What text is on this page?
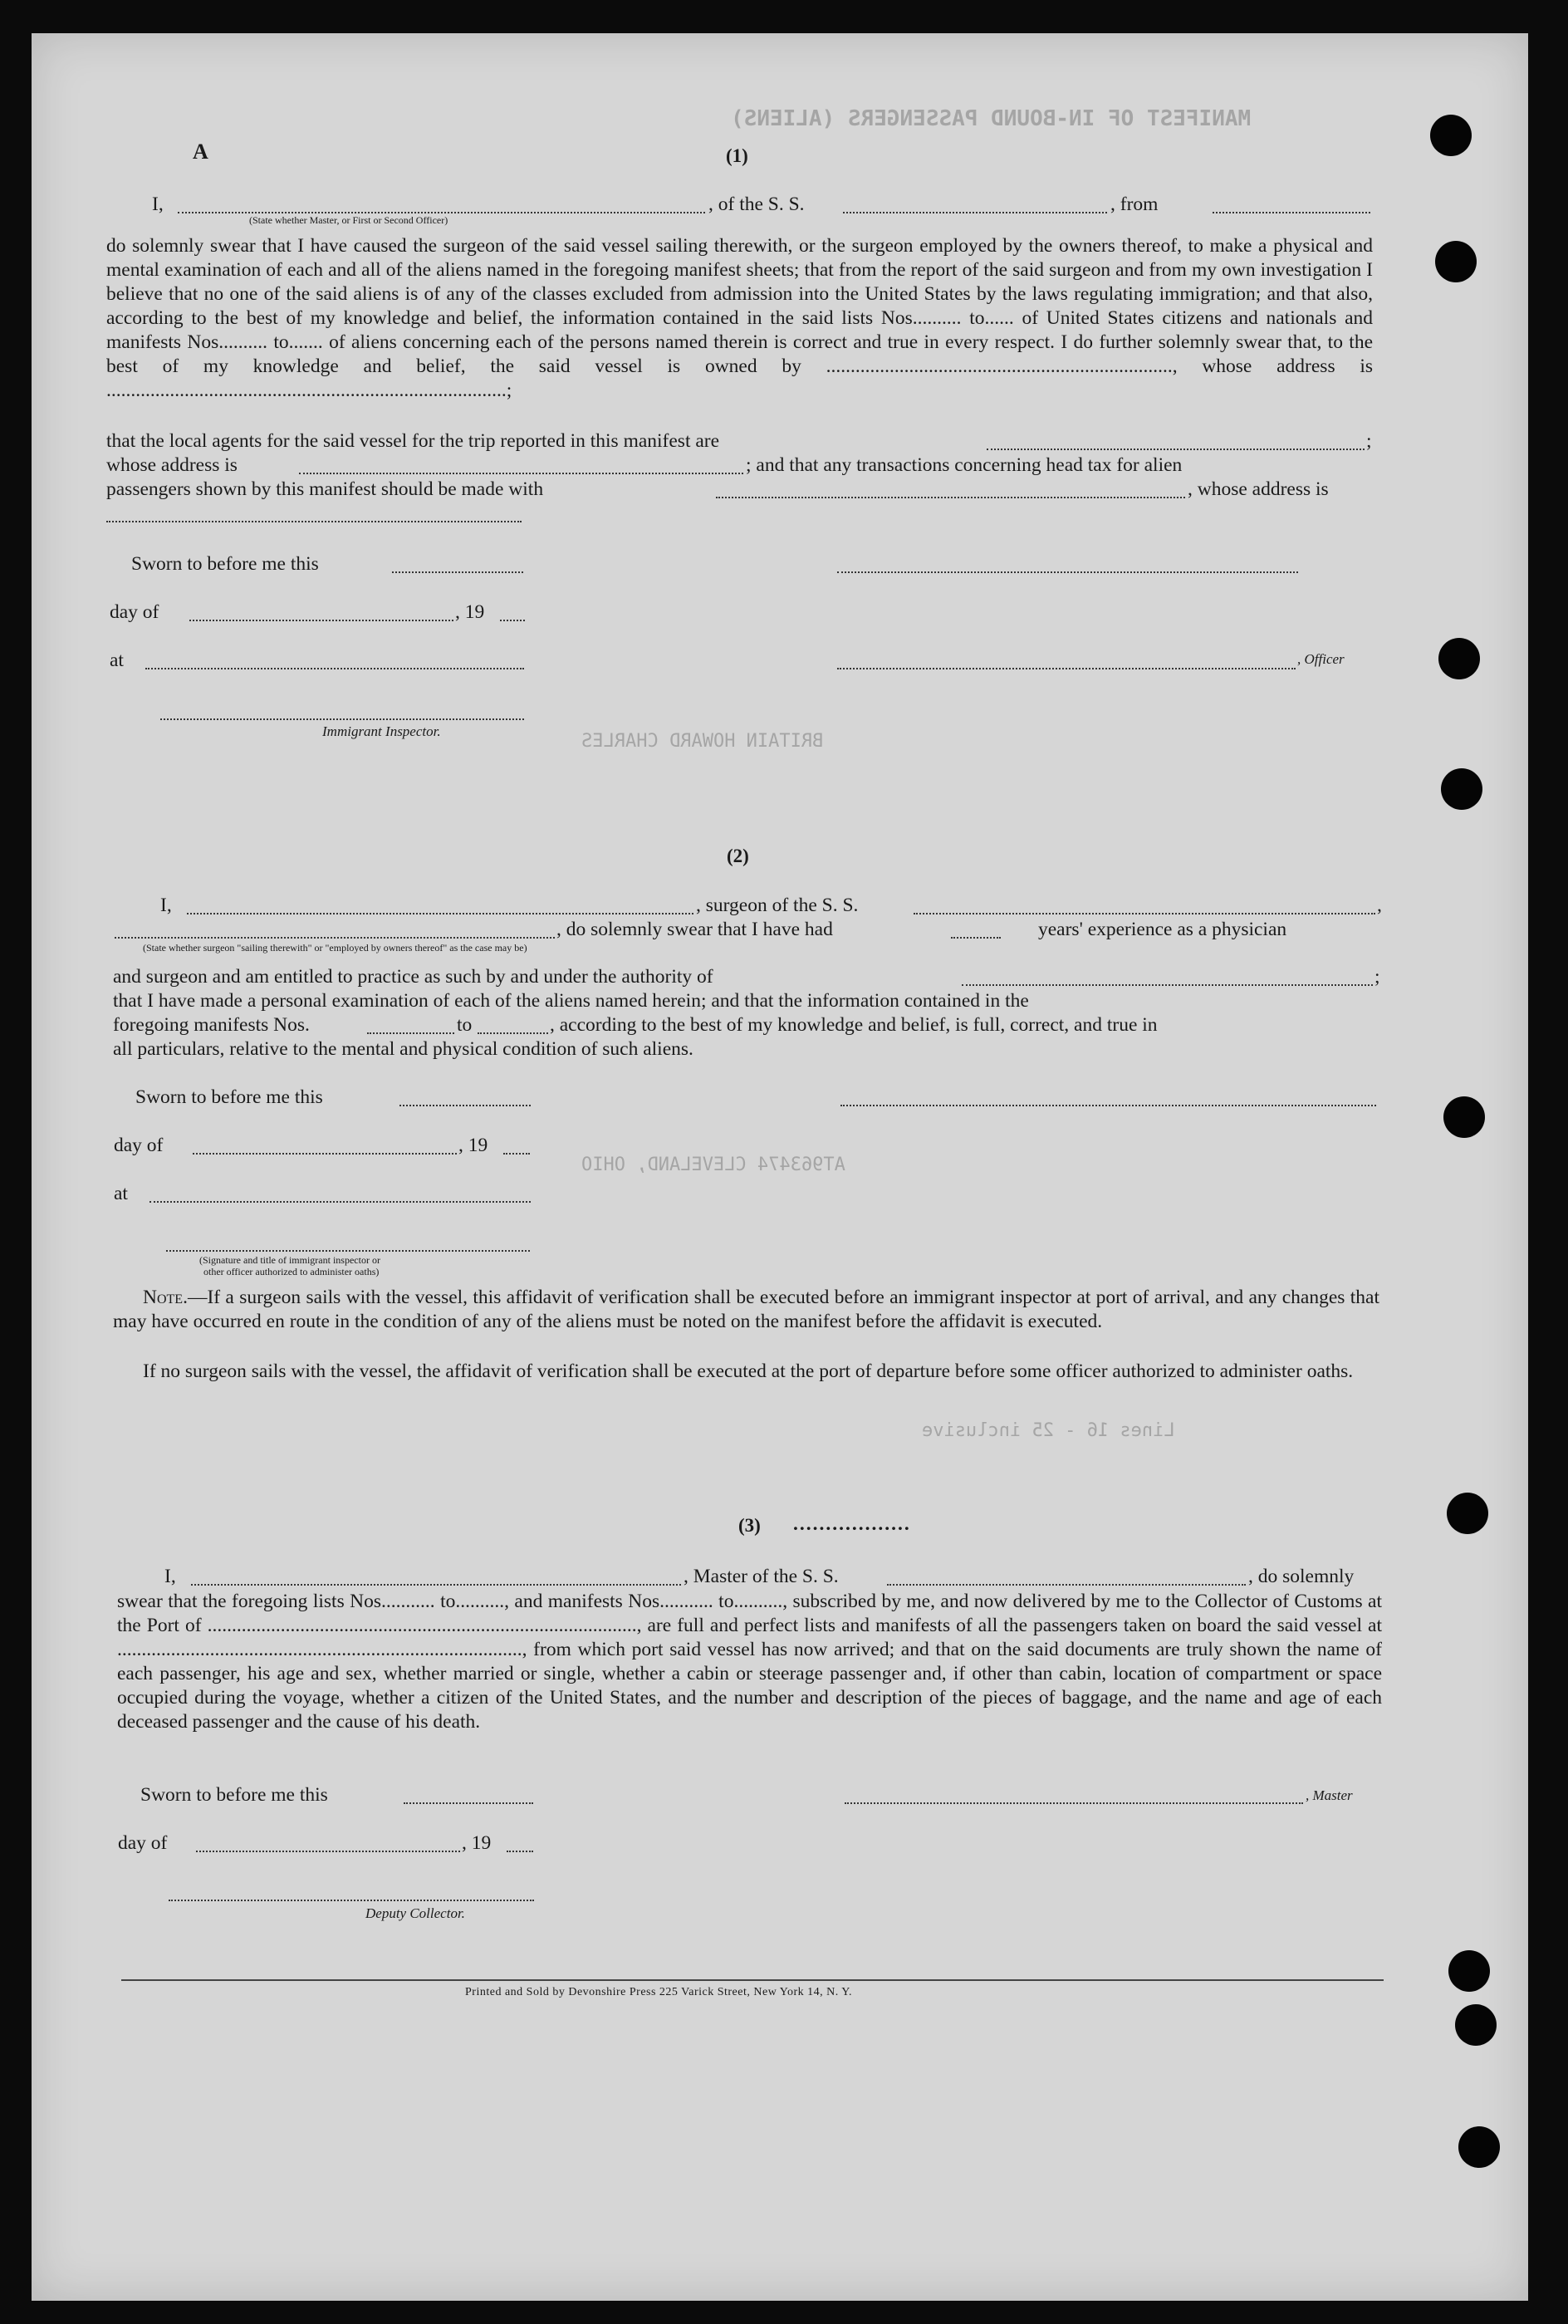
MANIFEST OF IN-BOUND PASSENGERS (ALIENS)
BRITAIN HOWARD CHARLES
AT963474 CLEVELAND, OHIO
Lines 16 - 25 inclusive
A	(1)
I,	, of the S. S.	, from
(State whether Master, or First or Second Officer)
do solemnly swear that I have caused the surgeon of the said vessel sailing therewith, or the surgeon employed by the owners thereof, to make a physical and mental examination of each and all of the aliens named in the foregoing manifest sheets; that from the report of the said surgeon and from my own investigation I believe that no one of the said aliens is of any of the classes excluded from admission into the United States by the laws regulating immigration; and that also, according to the best of my knowledge and belief, the information contained in the said lists Nos.......... to...... of United States citizens and nationals and manifests Nos.......... to....... of aliens concerning each of the persons named therein is correct and true in every respect. I do further solemnly swear that, to the best of my knowledge and belief, the said vessel is owned by ......................................................................., whose address is ..................................................................................;
that the local agents for the said vessel for the trip reported in this manifest are	;
whose address is	; and that any transactions concerning head tax for alien
passengers shown by this manifest should be made with	, whose address is
Sworn to before me this
day of	, 19
at	, Officer
Immigrant Inspector.
(2)
I,	, surgeon of the S. S.	,
, do solemnly swear that I have had	years' experience as a physician
(State whether surgeon "sailing therewith" or "employed by owners thereof" as the case may be)
and surgeon and am entitled to practice as such by and under the authority of	;
that I have made a personal examination of each of the aliens named herein; and that the information contained in the
foregoing manifests Nos.	to	, according to the best of my knowledge and belief, is full, correct, and true in
all particulars, relative to the mental and physical condition of such aliens.
Sworn to before me this
day of	, 19
at
(Signature and title of immigrant inspector or
other officer authorized to administer oaths)
Note.—If a surgeon sails with the vessel, this affidavit of verification shall be executed before an immigrant inspector at port of arrival, and any changes that may have occurred en route in the condition of any of the aliens must be noted on the manifest before the affidavit is executed.
If no surgeon sails with the vessel, the affidavit of verification shall be executed at the port of departure before some officer authorized to administer oaths.
(3) ..................
I,	, Master of the S. S.	, do solemnly
swear that the foregoing lists Nos........... to.........., and manifests Nos........... to.........., subscribed by me, and now delivered by me to the Collector of Customs at the Port of ........................................................................................, are full and perfect lists and manifests of all the passengers taken on board the said vessel at ..................................................................................., from which port said vessel has now arrived; and that on the said documents are truly shown the name of each passenger, his age and sex, whether married or single, whether a cabin or steerage passenger and, if other than cabin, location of compartment or space occupied during the voyage, whether a citizen of the United States, and the number and description of the pieces of baggage, and the name and age of each deceased passenger and the cause of his death.
Sworn to before me this	, Master
day of	, 19
Deputy Collector.
Printed and Sold by Devonshire Press 225 Varick Street, New York 14, N. Y.
